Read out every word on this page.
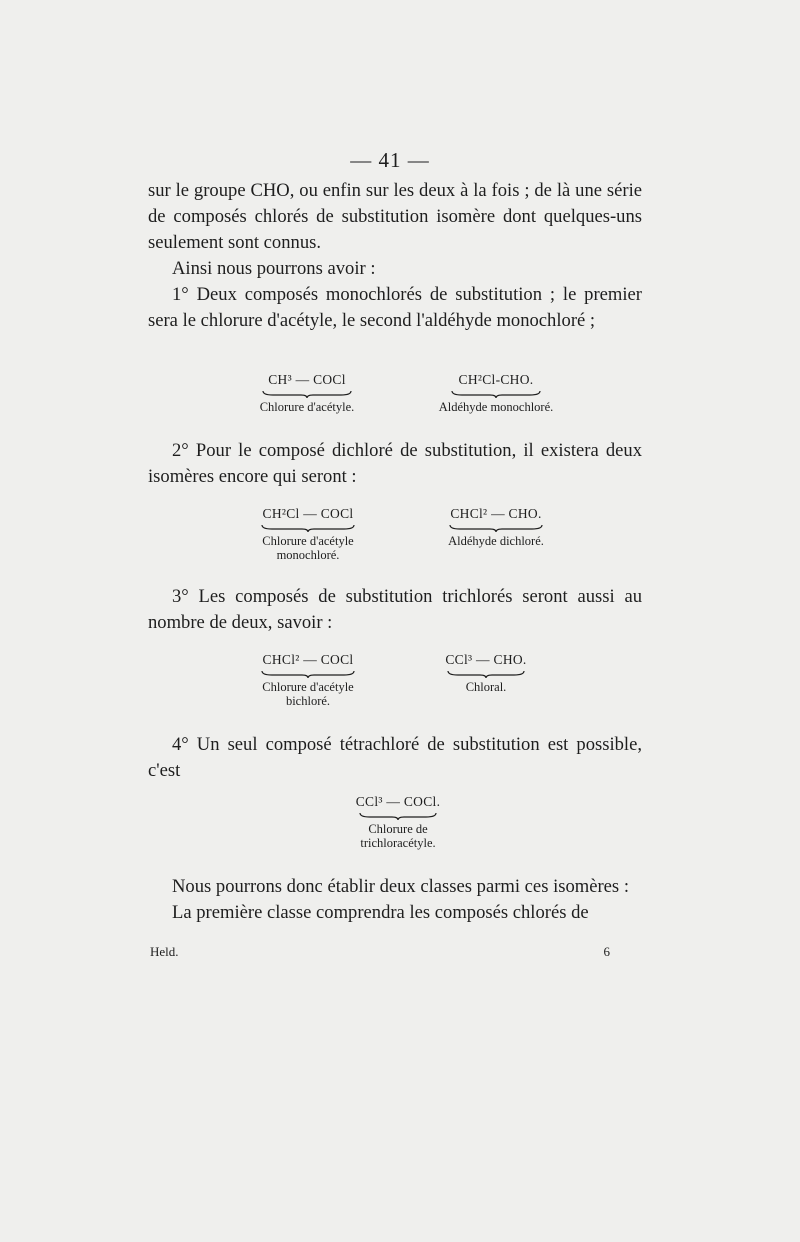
— 41 —

sur le groupe CHO, ou enfin sur les deux à la fois ; de là une série de composés chlorés de substitution isomère dont quelques-uns seulement sont connus.

Ainsi nous pourrons avoir :

1° Deux composés monochlorés de substitution ; le premier sera le chlorure d'acétyle, le second l'aldéhyde monochloré ;

CH³ — COCl
Chlorure d'acétyle.
CH²Cl-CHO.
Aldéhyde monochloré.

2° Pour le composé dichloré de substitution, il existera deux isomères encore qui seront :

CH²Cl — COCl
Chlorure d'acétyle
monochloré.
CHCl² — CHO.
Aldéhyde dichloré.

3° Les composés de substitution trichlorés seront aussi au nombre de deux, savoir :

CHCl² — COCl
Chlorure d'acétyle
bichloré.
CCl³ — CHO.
Chloral.

4° Un seul composé tétrachloré de substitution est possible, c'est

CCl³ — COCl.
Chlorure de
trichloracétyle.

Nous pourrons donc établir deux classes parmi ces isomères :

La première classe comprendra les composés chlorés de

Held.	6
